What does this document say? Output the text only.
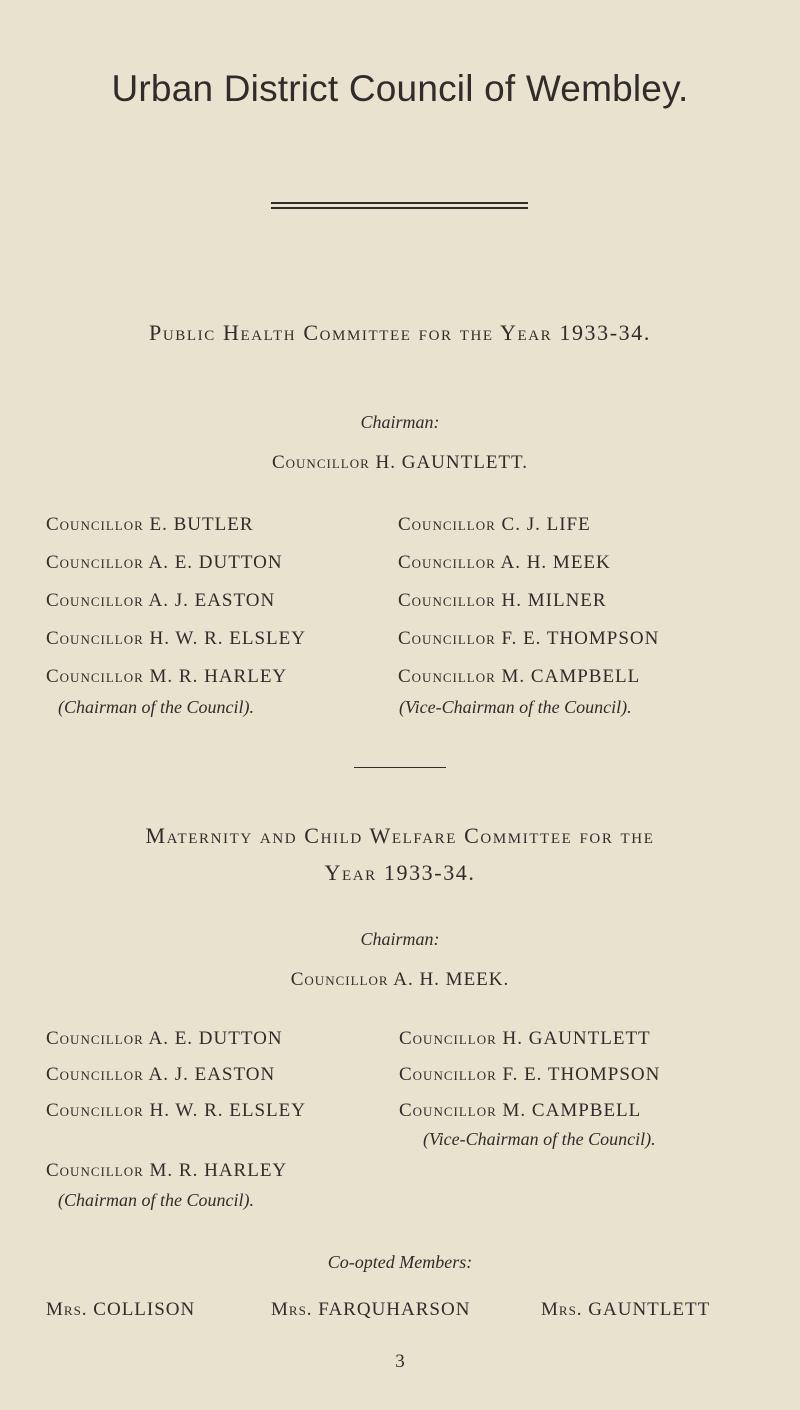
Urban District Council of Wembley.
Public Health Committee for the Year 1933-34.
Chairman:
Councillor H. GAUNTLETT.
Councillor E. BUTLER
Councillor A. E. DUTTON
Councillor A. J. EASTON
Councillor H. W. R. ELSLEY
Councillor M. R. HARLEY
(Chairman of the Council).
Councillor C. J. LIFE
Councillor A. H. MEEK
Councillor H. MILNER
Councillor F. E. THOMPSON
Councillor M. CAMPBELL
(Vice-Chairman of the Council).
Maternity and Child Welfare Committee for the
Year 1933-34.
Chairman:
Councillor A. H. MEEK.
Councillor A. E. DUTTON
Councillor A. J. EASTON
Councillor H. W. R. ELSLEY
Councillor M. R. HARLEY
(Chairman of the Council).
Councillor H. GAUNTLETT
Councillor F. E. THOMPSON
Councillor M. CAMPBELL
(Vice-Chairman of the Council).
Co-opted Members:
Mrs. COLLISON	Mrs. FARQUHARSON	Mrs. GAUNTLETT
3
